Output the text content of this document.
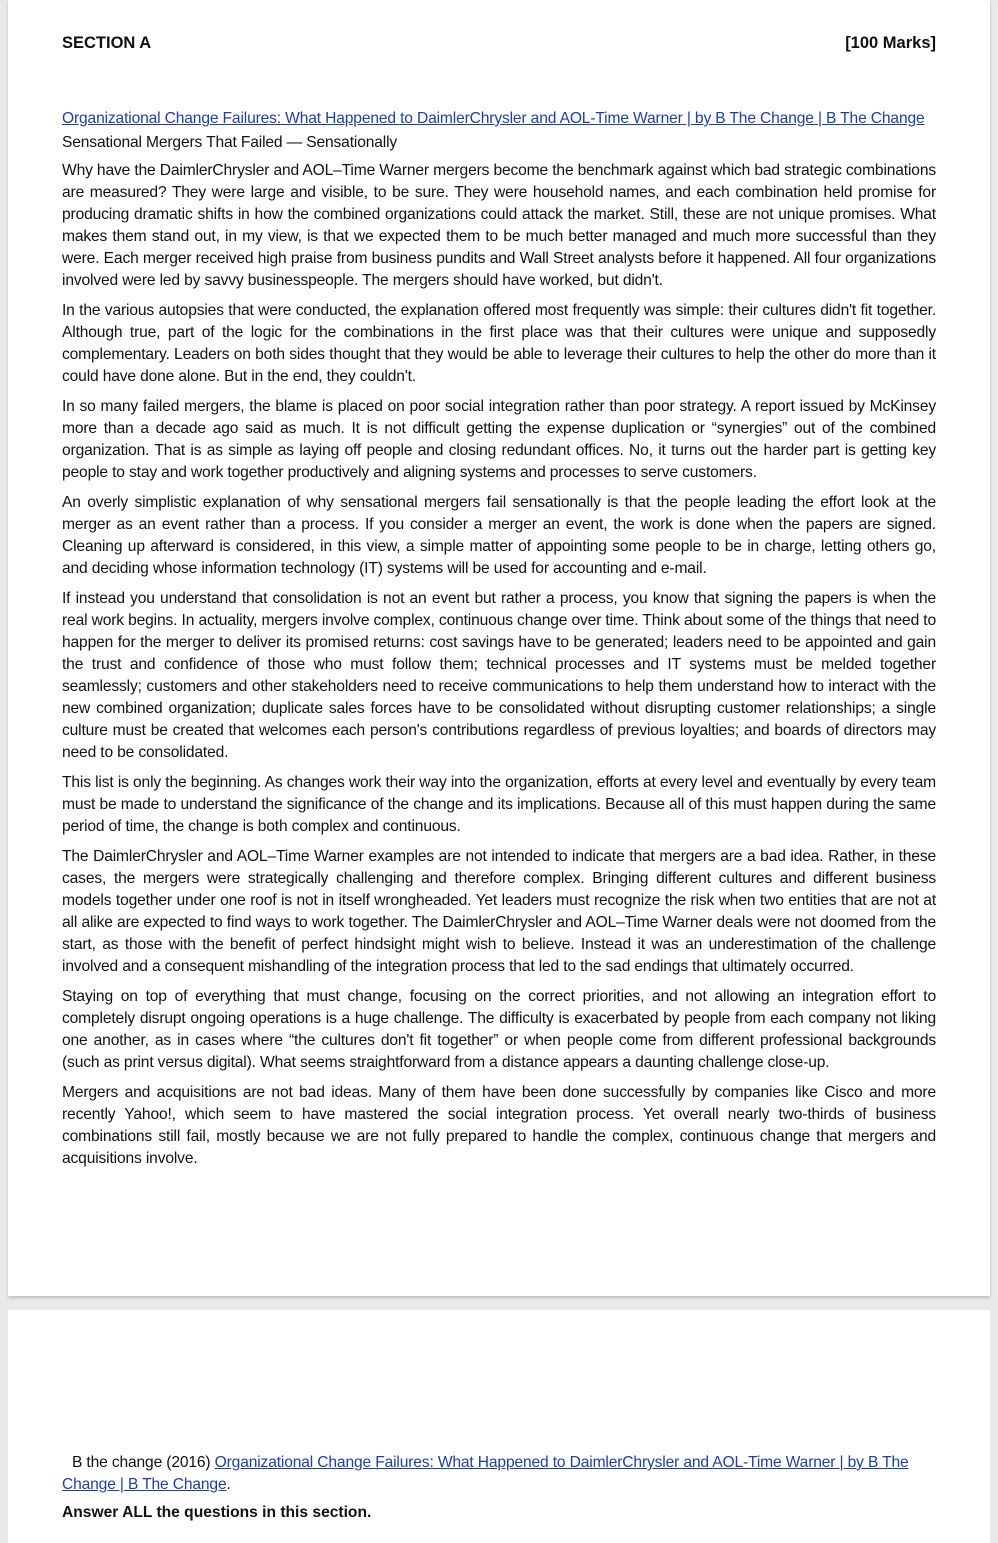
SECTION A	[100 Marks]
Organizational Change Failures: What Happened to DaimlerChrysler and AOL-Time Warner | by B The Change | B The Change
Sensational Mergers That Failed — Sensationally

Why have the DaimlerChrysler and AOL–Time Warner mergers become the benchmark against which bad strategic combinations are measured? They were large and visible, to be sure. They were household names, and each combination held promise for producing dramatic shifts in how the combined organizations could attack the market. Still, these are not unique promises. What makes them stand out, in my view, is that we expected them to be much better managed and much more successful than they were. Each merger received high praise from business pundits and Wall Street analysts before it happened. All four organizations involved were led by savvy businesspeople. The mergers should have worked, but didn't.

In the various autopsies that were conducted, the explanation offered most frequently was simple: their cultures didn't fit together. Although true, part of the logic for the combinations in the first place was that their cultures were unique and supposedly complementary. Leaders on both sides thought that they would be able to leverage their cultures to help the other do more than it could have done alone. But in the end, they couldn't.

In so many failed mergers, the blame is placed on poor social integration rather than poor strategy. A report issued by McKinsey more than a decade ago said as much. It is not difficult getting the expense duplication or “synergies” out of the combined organization. That is as simple as laying off people and closing redundant offices. No, it turns out the harder part is getting key people to stay and work together productively and aligning systems and processes to serve customers.

An overly simplistic explanation of why sensational mergers fail sensationally is that the people leading the effort look at the merger as an event rather than a process. If you consider a merger an event, the work is done when the papers are signed. Cleaning up afterward is considered, in this view, a simple matter of appointing some people to be in charge, letting others go, and deciding whose information technology (IT) systems will be used for accounting and e-mail.

If instead you understand that consolidation is not an event but rather a process, you know that signing the papers is when the real work begins. In actuality, mergers involve complex, continuous change over time. Think about some of the things that need to happen for the merger to deliver its promised returns: cost savings have to be generated; leaders need to be appointed and gain the trust and confidence of those who must follow them; technical processes and IT systems must be melded together seamlessly; customers and other stakeholders need to receive communications to help them understand how to interact with the new combined organization; duplicate sales forces have to be consolidated without disrupting customer relationships; a single culture must be created that welcomes each person's contributions regardless of previous loyalties; and boards of directors may need to be consolidated.

This list is only the beginning. As changes work their way into the organization, efforts at every level and eventually by every team must be made to understand the significance of the change and its implications. Because all of this must happen during the same period of time, the change is both complex and continuous.

The DaimlerChrysler and AOL–Time Warner examples are not intended to indicate that mergers are a bad idea. Rather, in these cases, the mergers were strategically challenging and therefore complex. Bringing different cultures and different business models together under one roof is not in itself wrongheaded. Yet leaders must recognize the risk when two entities that are not at all alike are expected to find ways to work together. The DaimlerChrysler and AOL–Time Warner deals were not doomed from the start, as those with the benefit of perfect hindsight might wish to believe. Instead it was an underestimation of the challenge involved and a consequent mishandling of the integration process that led to the sad endings that ultimately occurred.

Staying on top of everything that must change, focusing on the correct priorities, and not allowing an integration effort to completely disrupt ongoing operations is a huge challenge. The difficulty is exacerbated by people from each company not liking one another, as in cases where “the cultures don't fit together” or when people come from different professional backgrounds (such as print versus digital). What seems straightforward from a distance appears a daunting challenge close-up.

Mergers and acquisitions are not bad ideas. Many of them have been done successfully by companies like Cisco and more recently Yahoo!, which seem to have mastered the social integration process. Yet overall nearly two-thirds of business combinations still fail, mostly because we are not fully prepared to handle the complex, continuous change that mergers and acquisitions involve.

B the change (2016) Organizational Change Failures: What Happened to DaimlerChrysler and AOL-Time Warner | by B The Change | B The Change.
Answer ALL the questions in this section.
